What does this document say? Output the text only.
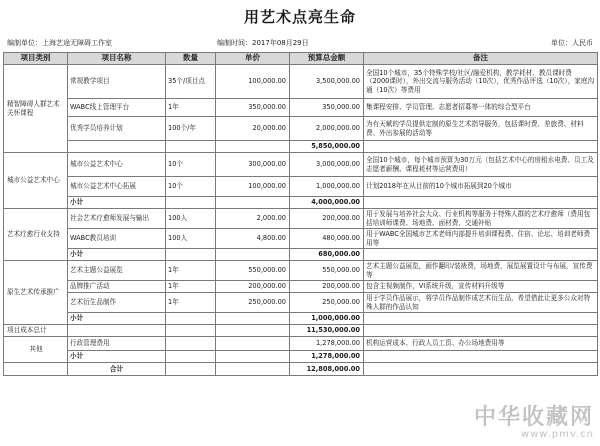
用艺术点亮生命
编制单位：上海艺途无障碍工作室	编制时间：2017年08月29日	单位：人民币
项目类别	项目名称	数量	单价	预算总金额	备注
精智障碍人群艺术关怀课程	常规教学项目	35个/项目点	100,000.00	3,500,000.00	全国10个城市，35个特殊学校/社区/融爱机构，教学耗材、教员课时费（2000课时），外出交流与服务活动（10次），优秀作品评选（10次），家庭沟通（10次）等费用
	WABC线上管理平台	1年	350,000.00	350,000.00	集课程安排、学员管理、志愿者招募等一体的综合型平台
	优秀学员培养计划	100个/年	20,000.00	2,000,000.00	为有天赋的学员提供定制的原生艺术指导服务，包括课时费、差旅费、材料费、外出参展的活动等
				5,850,000.00	
城市公益艺术中心	城市公益艺术中心	10个	300,000.00	3,000,000.00	全国10个城市，每个城市预算为30万元（包括艺术中心的房租水电费、员工及志愿者薪酬、课程耗材等运营费用）
	城市公益艺术中心拓展	10个	100,000.00	1,000,000.00	计划2018年在从目前的10个城市拓展到20个城市
	小计			4,000,000.00	
艺术疗愈行业支持	社会艺术疗愈师发展与输出	100人	2,000.00	200,000.00	用于发展与培养社会大众、行业机构等服务于特殊人群的艺术疗愈师（费用包括培训师课费、场地费、面材费、交通补贴
	WABC教员培训	100人	4,800.00	480,000.00	用于WABC全国城市艺术老师内部提升培训课程费、住宿、论坛、培训老师费用等
	小计			680,000.00	
原生艺术传承推广	艺术主题公益展览	1年	550,000.00	550,000.00	艺术主题公益展览，画作翻印/装裱费，场地费，展览展置设计与布展，宣传费等
	品牌推广活动	1年	200,000.00	200,000.00	包含主视频制作，VI系统升级，宣传材料升级等
	艺术衍生品制作	1年	250,000.00	250,000.00	用于学员作品展示，将学员作品制作成艺术衍生品，希望借此让更多公众对特殊人群的作品认知
	小计			1,000,000.00	
项目成本总计				11,530,000.00	
其他	行政管理费用			1,278,000.00	机构运营成本、行政人员工资、办公场地费用等
	小计			1,278,000.00	
	合计			12,808,000.00	
中华收藏网
www.pmv.cn
